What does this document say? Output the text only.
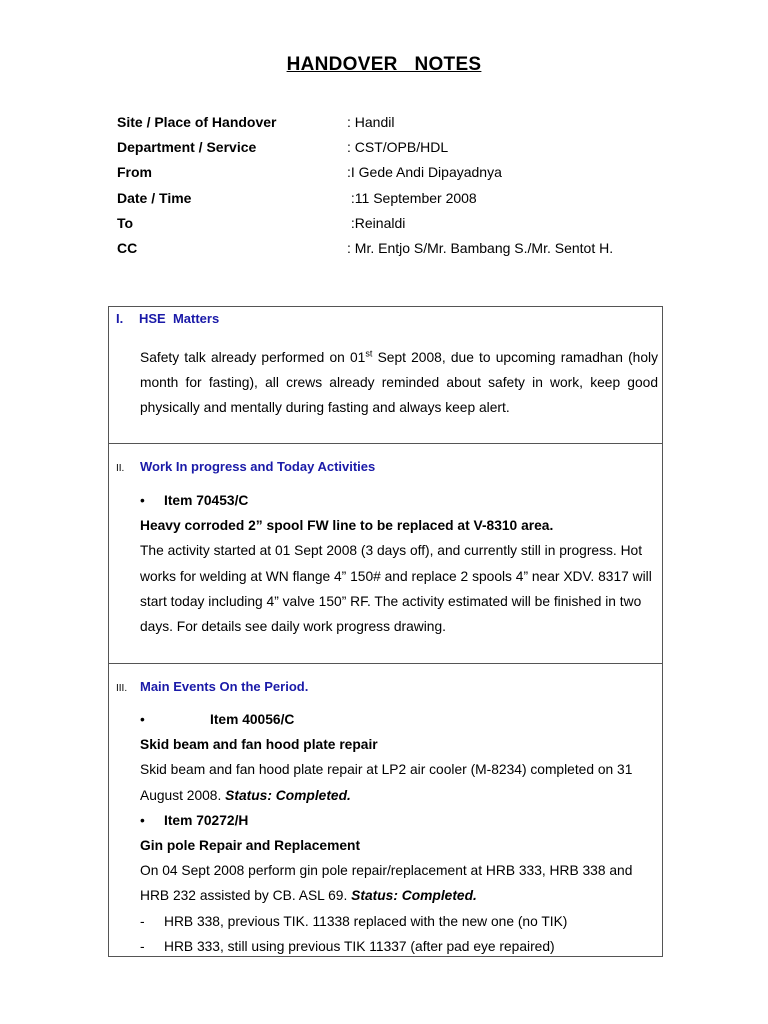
HANDOVER   NOTES
Site / Place of Handover	: Handil
Department / Service	: CST/OPB/HDL
From	:I Gede Andi Dipayadnya
Date / Time	:11 September 2008
To	:Reinaldi
CC	: Mr. Entjo S/Mr. Bambang S./Mr. Sentot H.
I. HSE  Matters
Safety talk already performed on 01st Sept 2008, due to upcoming ramadhan (holy month for fasting), all crews already reminded about safety in work, keep good physically and mentally during fasting and always keep alert.
II. Work In progress and Today Activities
• Item 70453/C
Heavy corroded 2” spool FW line to be replaced at V-8310 area.
The activity started at 01 Sept 2008 (3 days off), and currently still in progress. Hot works for welding at WN flange 4” 150# and replace 2 spools 4” near XDV. 8317 will start today including 4” valve 150” RF. The activity estimated will be finished in two days. For details see daily work progress drawing.
III. Main Events On the Period.
•	Item 40056/C
Skid beam and fan hood plate repair
Skid beam and fan hood plate repair at LP2 air cooler (M-8234) completed on 31 August 2008. Status: Completed.
• Item 70272/H
Gin pole Repair and Replacement
On 04 Sept 2008 perform gin pole repair/replacement at HRB 333, HRB 338 and HRB 232 assisted by CB. ASL 69. Status: Completed.
- HRB 338, previous TIK. 11338 replaced with the new one (no TIK)
- HRB 333, still using previous TIK 11337 (after pad eye repaired)
